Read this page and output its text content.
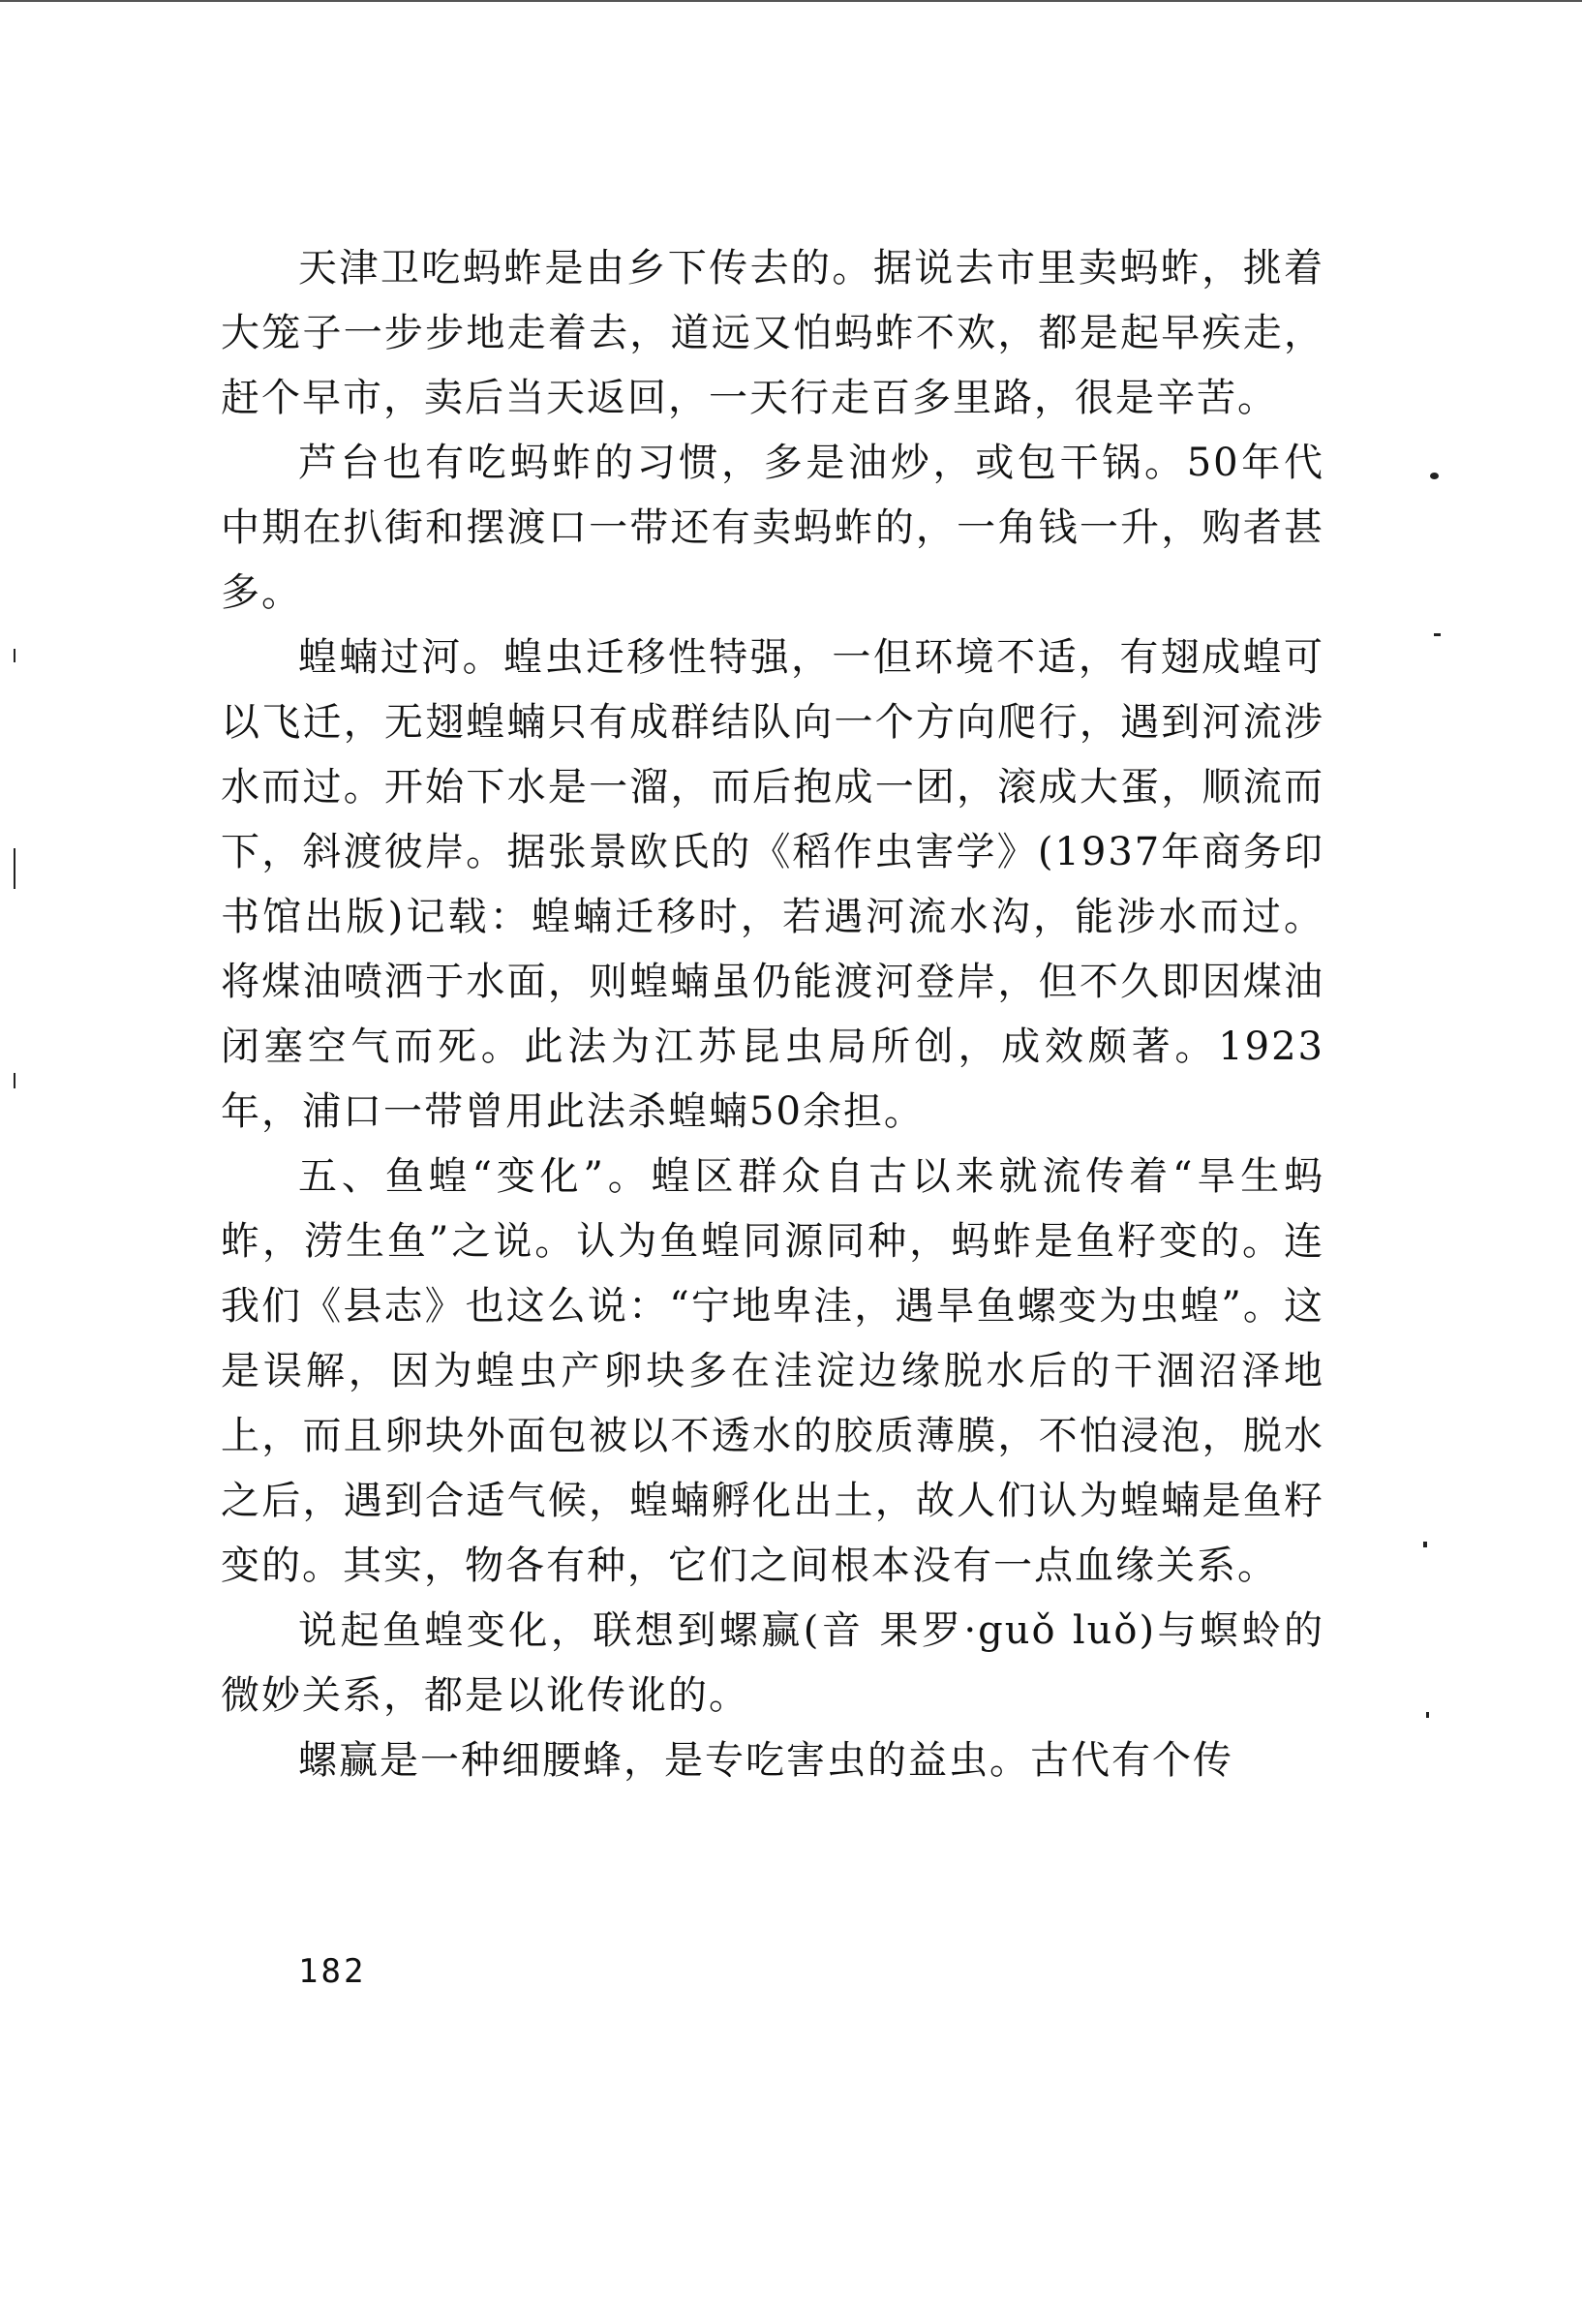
天津卫吃蚂蚱是由乡下传去的。据说去市里卖蚂蚱，挑着大笼子一步步地走着去，道远又怕蚂蚱不欢，都是起早疾走，赶个早市，卖后当天返回，一天行走百多里路，很是辛苦。

芦台也有吃蚂蚱的习惯，多是油炒，或包干锅。50年代中期在扒街和摆渡口一带还有卖蚂蚱的，一角钱一升，购者甚多。

蝗蝻过河。蝗虫迁移性特强，一但环境不适，有翅成蝗可以飞迁，无翅蝗蝻只有成群结队向一个方向爬行，遇到河流涉水而过。开始下水是一溜，而后抱成一团，滚成大蛋，顺流而下，斜渡彼岸。据张景欧氏的《稻作虫害学》(1937年商务印书馆出版)记载：蝗蝻迁移时，若遇河流水沟，能涉水而过。将煤油喷洒于水面，则蝗蝻虽仍能渡河登岸，但不久即因煤油闭塞空气而死。此法为江苏昆虫局所创，成效颇著。1923年，浦口一带曾用此法杀蝗蝻50余担。

五、鱼蝗“变化”。蝗区群众自古以来就流传着“旱生蚂蚱，涝生鱼”之说。认为鱼蝗同源同种，蚂蚱是鱼籽变的。连我们《县志》也这么说：“宁地卑洼，遇旱鱼螺变为虫蝗”。这是误解，因为蝗虫产卵块多在洼淀边缘脱水后的干涸沼泽地上，而且卵块外面包被以不透水的胶质薄膜，不怕浸泡，脱水之后，遇到合适气候，蝗蝻孵化出土，故人们认为蝗蝻是鱼籽变的。其实，物各有种，它们之间根本没有一点血缘关系。

说起鱼蝗变化，联想到螺赢(音 果罗·guǒ luǒ)与螟蛉的微妙关系，都是以讹传讹的。

螺赢是一种细腰蜂，是专吃害虫的益虫。古代有个传

182
